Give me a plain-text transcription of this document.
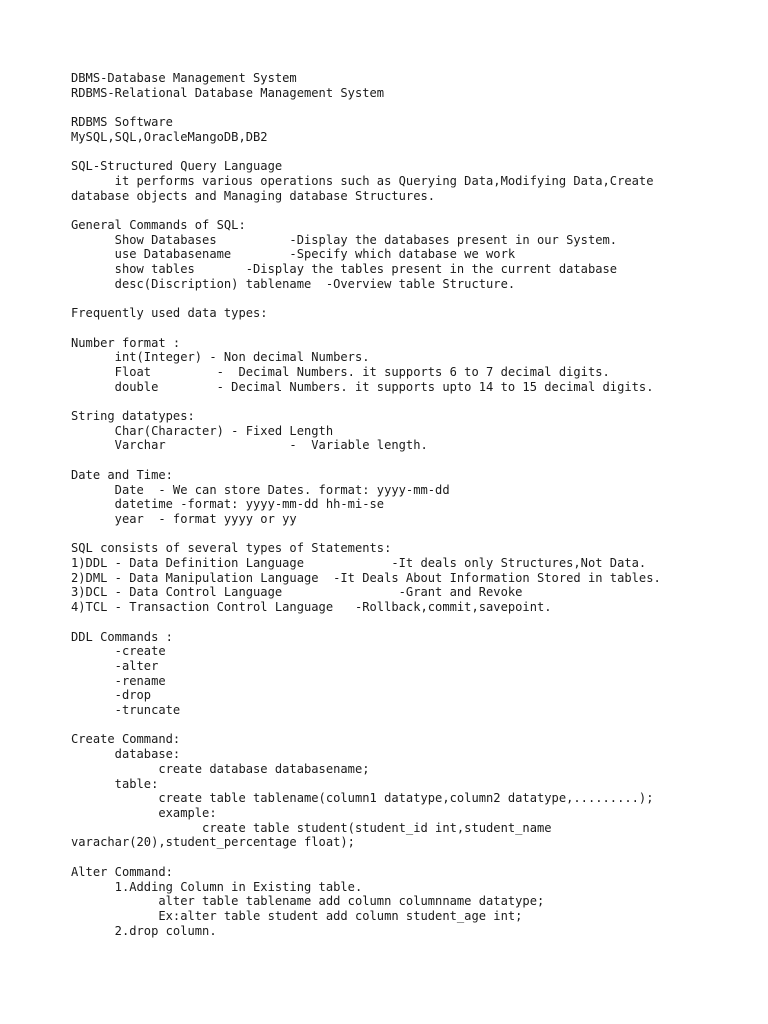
DBMS-Database Management System
RDBMS-Relational Database Management System
RDBMS Software
MySQL,SQL,OracleMangoDB,DB2
SQL-Structured Query Language
it performs various operations such as Querying Data,Modifying Data,Create
database objects and Managing database Structures.
General Commands of SQL:
Show Databases          -Display the databases present in our System.
use Databasename        -Specify which database we work
show tables       -Display the tables present in the current database
desc(Discription) tablename  -Overview table Structure.
Frequently used data types:
Number format :
int(Integer) - Non decimal Numbers.
Float         -  Decimal Numbers. it supports 6 to 7 decimal digits.
double        - Decimal Numbers. it supports upto 14 to 15 decimal digits.
String datatypes:
Char(Character) - Fixed Length
Varchar                 -  Variable length.
Date and Time:
Date  - We can store Dates. format: yyyy-mm-dd
datetime -format: yyyy-mm-dd hh-mi-se
year  - format yyyy or yy
SQL consists of several types of Statements:
1)DDL - Data Definition Language            -It deals only Structures,Not Data.
2)DML - Data Manipulation Language  -It Deals About Information Stored in tables.
3)DCL - Data Control Language                -Grant and Revoke
4)TCL - Transaction Control Language   -Rollback,commit,savepoint.
DDL Commands :
-create
-alter
-rename
-drop
-truncate
Create Command:
database:
create database databasename;
table:
create table tablename(column1 datatype,column2 datatype,.........);
example:
create table student(student_id int,student_name
varachar(20),student_percentage float);
Alter Command:
1.Adding Column in Existing table.
alter table tablename add column columnname datatype;
Ex:alter table student add column student_age int;
2.drop column.
